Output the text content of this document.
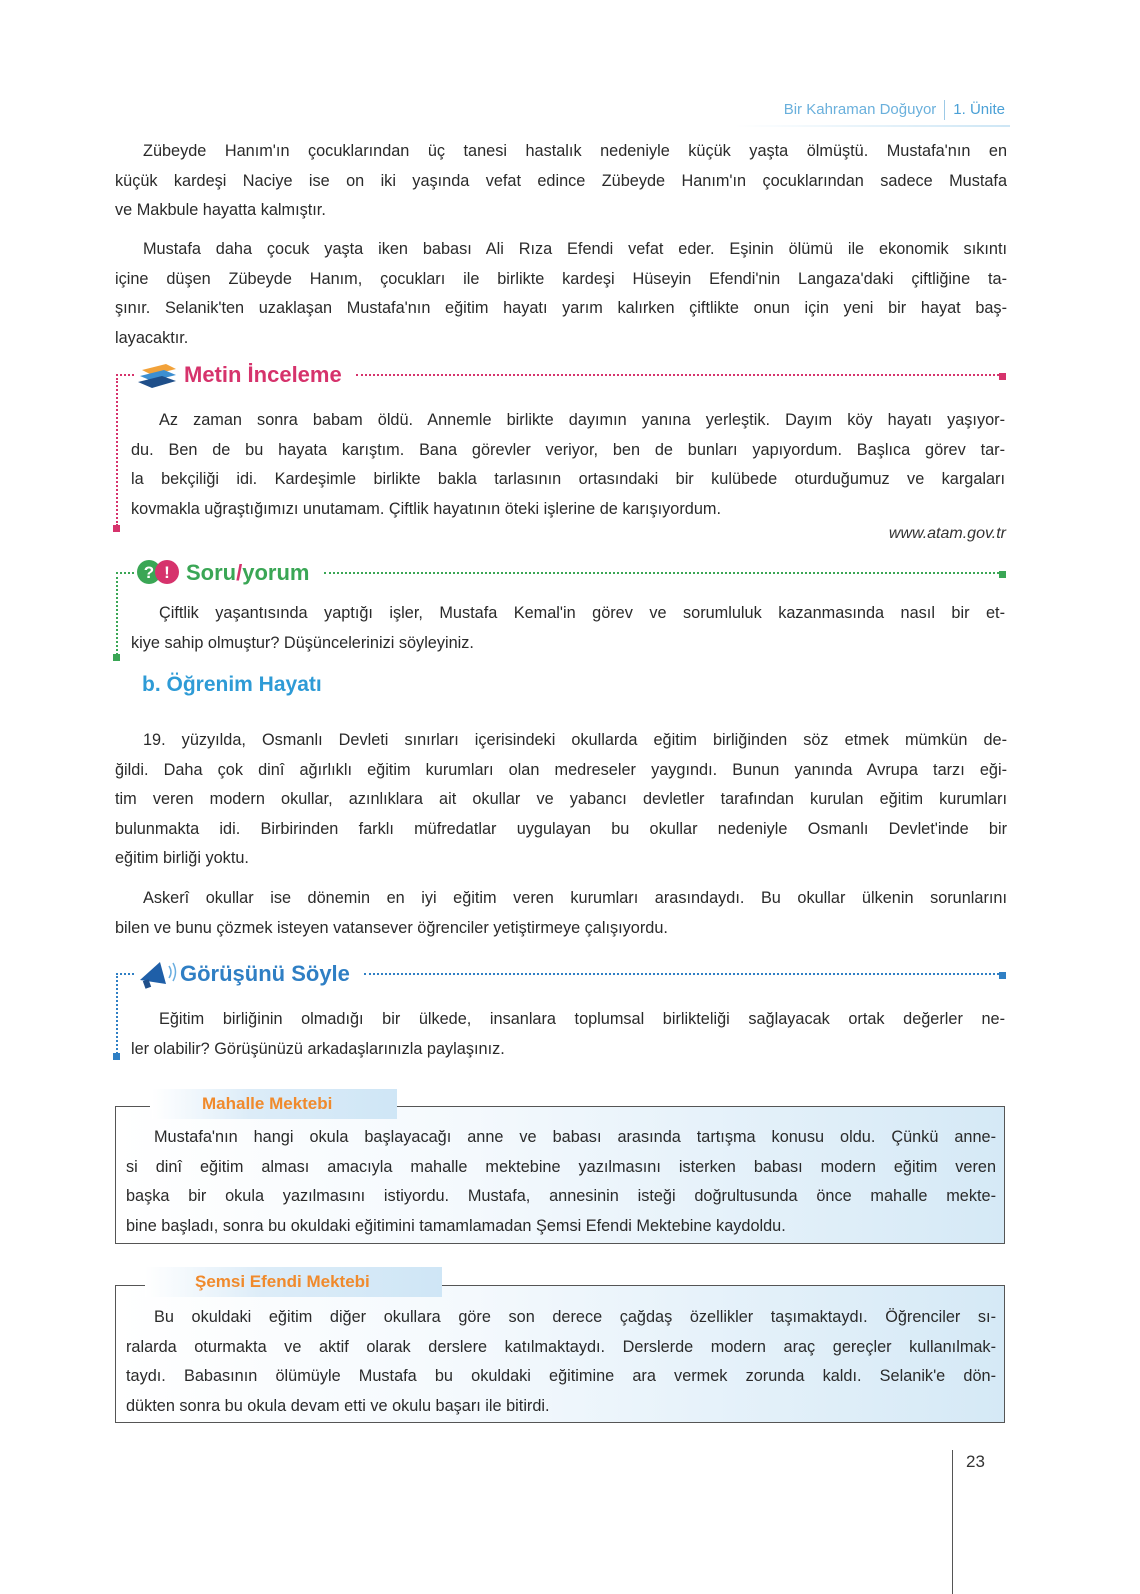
Bir Kahraman Doğuyor 1. Ünite
Zübeyde Hanım'ın çocuklarından üç tanesi hastalık nedeniyle küçük yaşta ölmüştü. Mustafa'nın en
küçük kardeşi Naciye ise on iki yaşında vefat edince Zübeyde Hanım'ın çocuklarından sadece Mustafa
ve Makbule hayatta kalmıştır.
Mustafa daha çocuk yaşta iken babası Ali Rıza Efendi vefat eder. Eşinin ölümü ile ekonomik sıkıntı
içine düşen Zübeyde Hanım, çocukları ile birlikte kardeşi Hüseyin Efendi'nin Langaza'daki çiftliğine ta-
şınır. Selanik'ten uzaklaşan Mustafa'nın eğitim hayatı yarım kalırken çiftlikte onun için yeni bir hayat baş-
layacaktır.
Metin İnceleme
Az zaman sonra babam öldü. Annemle birlikte dayımın yanına yerleştik. Dayım köy hayatı yaşıyor-
du. Ben de bu hayata karıştım. Bana görevler veriyor, ben de bunları yapıyordum. Başlıca görev tar-
la bekçiliği idi. Kardeşimle birlikte bakla tarlasının ortasındaki bir kulübede oturduğumuz ve kargaları
kovmakla uğraştığımızı unutamam. Çiftlik hayatının öteki işlerine de karışıyordum.
www.atam.gov.tr
? ! Soru/yorum
Çiftlik yaşantısında yaptığı işler, Mustafa Kemal'in görev ve sorumluluk kazanmasında nasıl bir et-
kiye sahip olmuştur? Düşüncelerinizi söyleyiniz.
b. Öğrenim Hayatı
19. yüzyılda, Osmanlı Devleti sınırları içerisindeki okullarda eğitim birliğinden söz etmek mümkün de-
ğildi. Daha çok dinî ağırlıklı eğitim kurumları olan medreseler yaygındı. Bunun yanında Avrupa tarzı eği-
tim veren modern okullar, azınlıklara ait okullar ve yabancı devletler tarafından kurulan eğitim kurumları
bulunmakta idi. Birbirinden farklı müfredatlar uygulayan bu okullar nedeniyle Osmanlı Devlet'inde bir
eğitim birliği yoktu.
Askerî okullar ise dönemin en iyi eğitim veren kurumları arasındaydı. Bu okullar ülkenin sorunlarını
bilen ve bunu çözmek isteyen vatansever öğrenciler yetiştirmeye çalışıyordu.
Görüşünü Söyle
Eğitim birliğinin olmadığı bir ülkede, insanlara toplumsal birlikteliği sağlayacak ortak değerler ne-
ler olabilir? Görüşünüzü arkadaşlarınızla paylaşınız.
Mustafa'nın hangi okula başlayacağı anne ve babası arasında tartışma konusu oldu. Çünkü anne-
si dinî eğitim alması amacıyla mahalle mektebine yazılmasını isterken babası modern eğitim veren
başka bir okula yazılmasını istiyordu. Mustafa, annesinin isteği doğrultusunda önce mahalle mekte-
bine başladı, sonra bu okuldaki eğitimini tamamlamadan Şemsi Efendi Mektebine kaydoldu.
Mahalle Mektebi
Bu okuldaki eğitim diğer okullara göre son derece çağdaş özellikler taşımaktaydı. Öğrenciler sı-
ralarda oturmakta ve aktif olarak derslere katılmaktaydı. Derslerde modern araç gereçler kullanılmak-
taydı. Babasının ölümüyle Mustafa bu okuldaki eğitimine ara vermek zorunda kaldı. Selanik'e dön-
dükten sonra bu okula devam etti ve okulu başarı ile bitirdi.
Şemsi Efendi Mektebi
23
